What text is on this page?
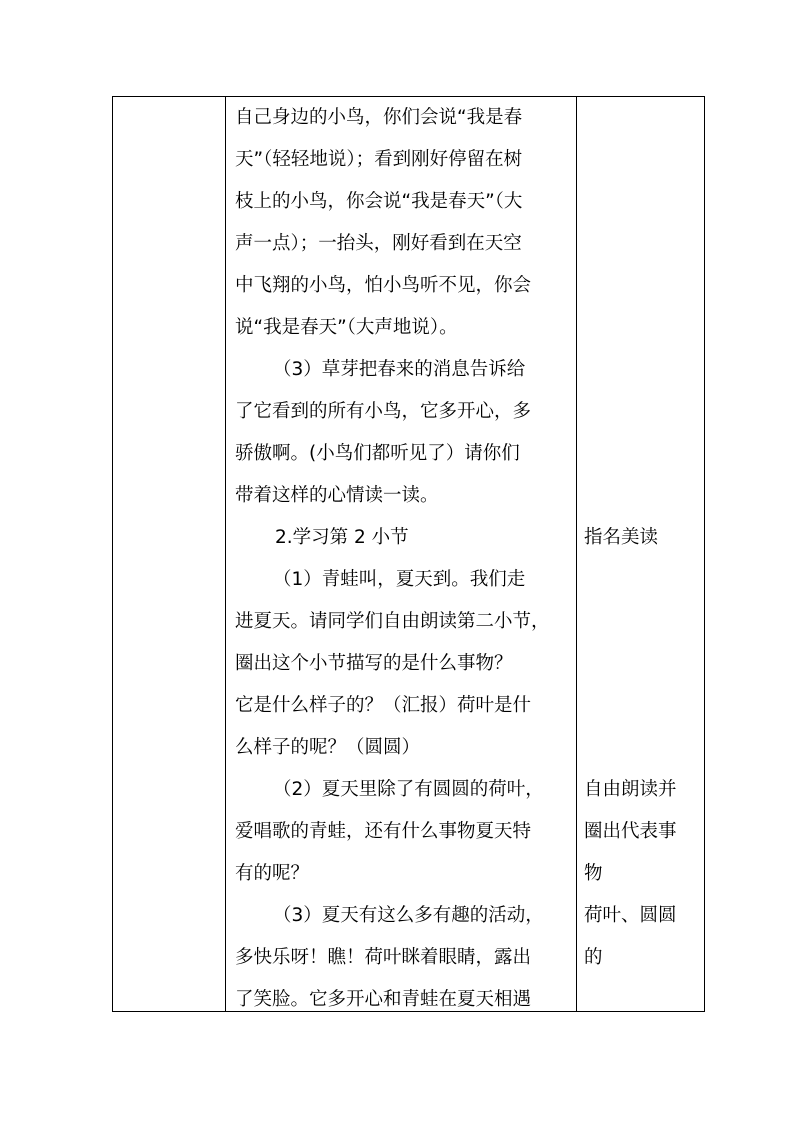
自己身边的小鸟，你们会说“我是春
天”（轻轻地说）；看到刚好停留在树
枝上的小鸟，你会说“我是春天”（大
声一点）；一抬头，刚好看到在天空
中飞翔的小鸟，怕小鸟听不见，你会
说“我是春天”（大声地说）。
（3）草芽把春来的消息告诉给
了它看到的所有小鸟，它多开心，多
骄傲啊。(小鸟们都听见了）请你们
带着这样的心情读一读。
2.学习第 2 小节
（1）青蛙叫，夏天到。我们走
进夏天。请同学们自由朗读第二小节，
圈出这个小节描写的是什么事物？
它是什么样子的？（汇报）荷叶是什
么样子的呢？（圆圆）
（2）夏天里除了有圆圆的荷叶，
爱唱歌的青蛙，还有什么事物夏天特
有的呢？
（3）夏天有这么多有趣的活动，
多快乐呀！瞧！荷叶眯着眼睛，露出
了笑脸。它多开心和青蛙在夏天相遇
指名美读
自由朗读并
圈出代表事
物
荷叶、圆圆
的
